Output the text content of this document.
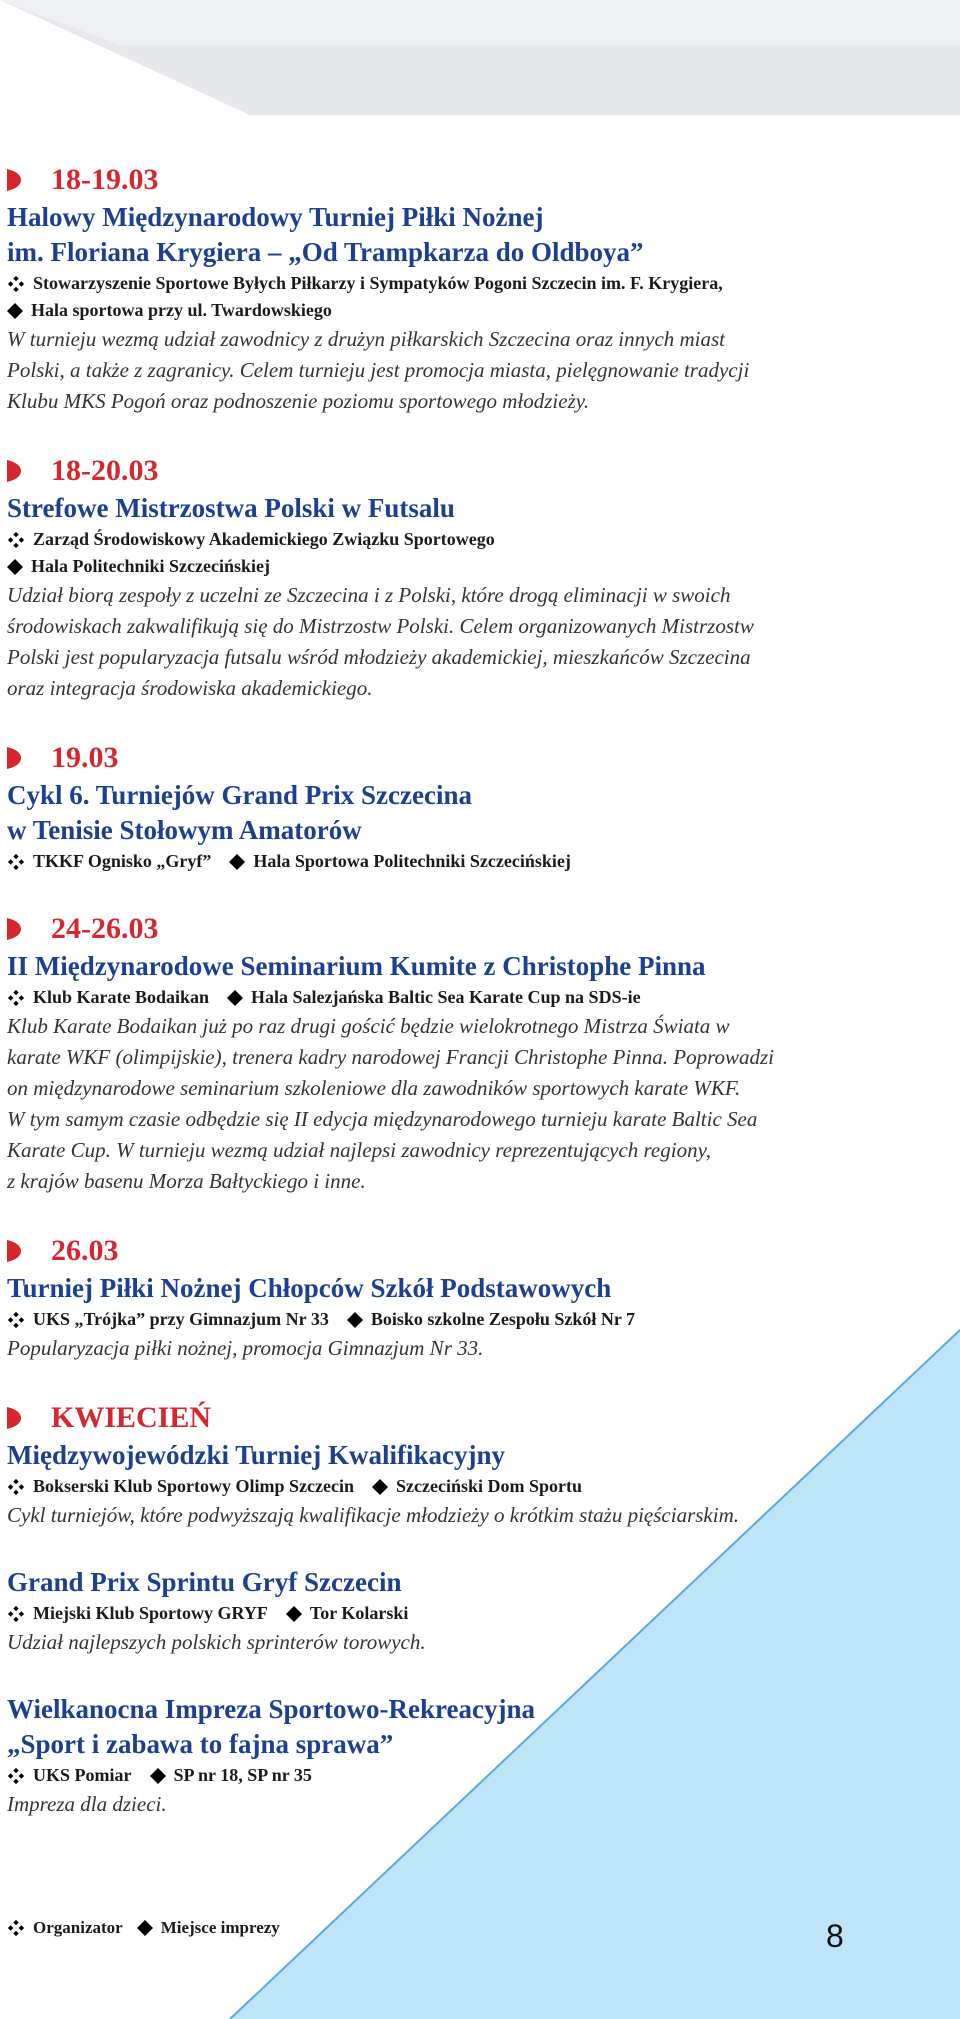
18-19.03
Halowy Międzynarodowy Turniej Piłki Nożnej
im. Floriana Krygiera – „Od Trampkarza do Oldboya”
Stowarzyszenie Sportowe Byłych Piłkarzy i Sympatyków Pogoni Szczecin im. F. Krygiera,
Hala sportowa przy ul. Twardowskiego
W turnieju wezmą udział zawodnicy z drużyn piłkarskich Szczecina oraz innych miast
Polski, a także z zagranicy. Celem turnieju jest promocja miasta, pielęgnowanie tradycji
Klubu MKS Pogoń oraz podnoszenie poziomu sportowego młodzieży.
18-20.03
Strefowe Mistrzostwa Polski w Futsalu
Zarząd Środowiskowy Akademickiego Związku Sportowego
Hala Politechniki Szczecińskiej
Udział biorą zespoły z uczelni ze Szczecina i z Polski, które drogą eliminacji w swoich
środowiskach zakwalifikują się do Mistrzostw Polski. Celem organizowanych Mistrzostw
Polski jest popularyzacja futsalu wśród młodzieży akademickiej, mieszkańców Szczecina
oraz integracja środowiska akademickiego.
19.03
Cykl 6. Turniejów Grand Prix Szczecina
w Tenisie Stołowym Amatorów
TKKF Ognisko „Gryf” Hala Sportowa Politechniki Szczecińskiej
24-26.03
II Międzynarodowe Seminarium Kumite z Christophe Pinna
Klub Karate Bodaikan Hala Salezjańska Baltic Sea Karate Cup na SDS-ie
Klub Karate Bodaikan już po raz drugi gościć będzie wielokrotnego Mistrza Świata w
karate WKF (olimpijskie), trenera kadry narodowej Francji Christophe Pinna. Poprowadzi
on międzynarodowe seminarium szkoleniowe dla zawodników sportowych karate WKF.
W tym samym czasie odbędzie się II edycja międzynarodowego turnieju karate Baltic Sea
Karate Cup. W turnieju wezmą udział najlepsi zawodnicy reprezentujących regiony,
z krajów basenu Morza Bałtyckiego i inne.
26.03
Turniej Piłki Nożnej Chłopców Szkół Podstawowych
UKS „Trójka” przy Gimnazjum Nr 33 Boisko szkolne Zespołu Szkół Nr 7
Popularyzacja piłki nożnej, promocja Gimnazjum Nr 33.
KWIECIEŃ
Międzywojewódzki Turniej Kwalifikacyjny
Bokserski Klub Sportowy Olimp Szczecin Szczeciński Dom Sportu
Cykl turniejów, które podwyższają kwalifikacje młodzieży o krótkim stażu pięściarskim.
Grand Prix Sprintu Gryf Szczecin
Miejski Klub Sportowy GRYF Tor Kolarski
Udział najlepszych polskich sprinterów torowych.
Wielkanocna Impreza Sportowo-Rekreacyjna
„Sport i zabawa to fajna sprawa”
UKS Pomiar SP nr 18, SP nr 35
Impreza dla dzieci.
Organizator Miejsce imprezy	8
